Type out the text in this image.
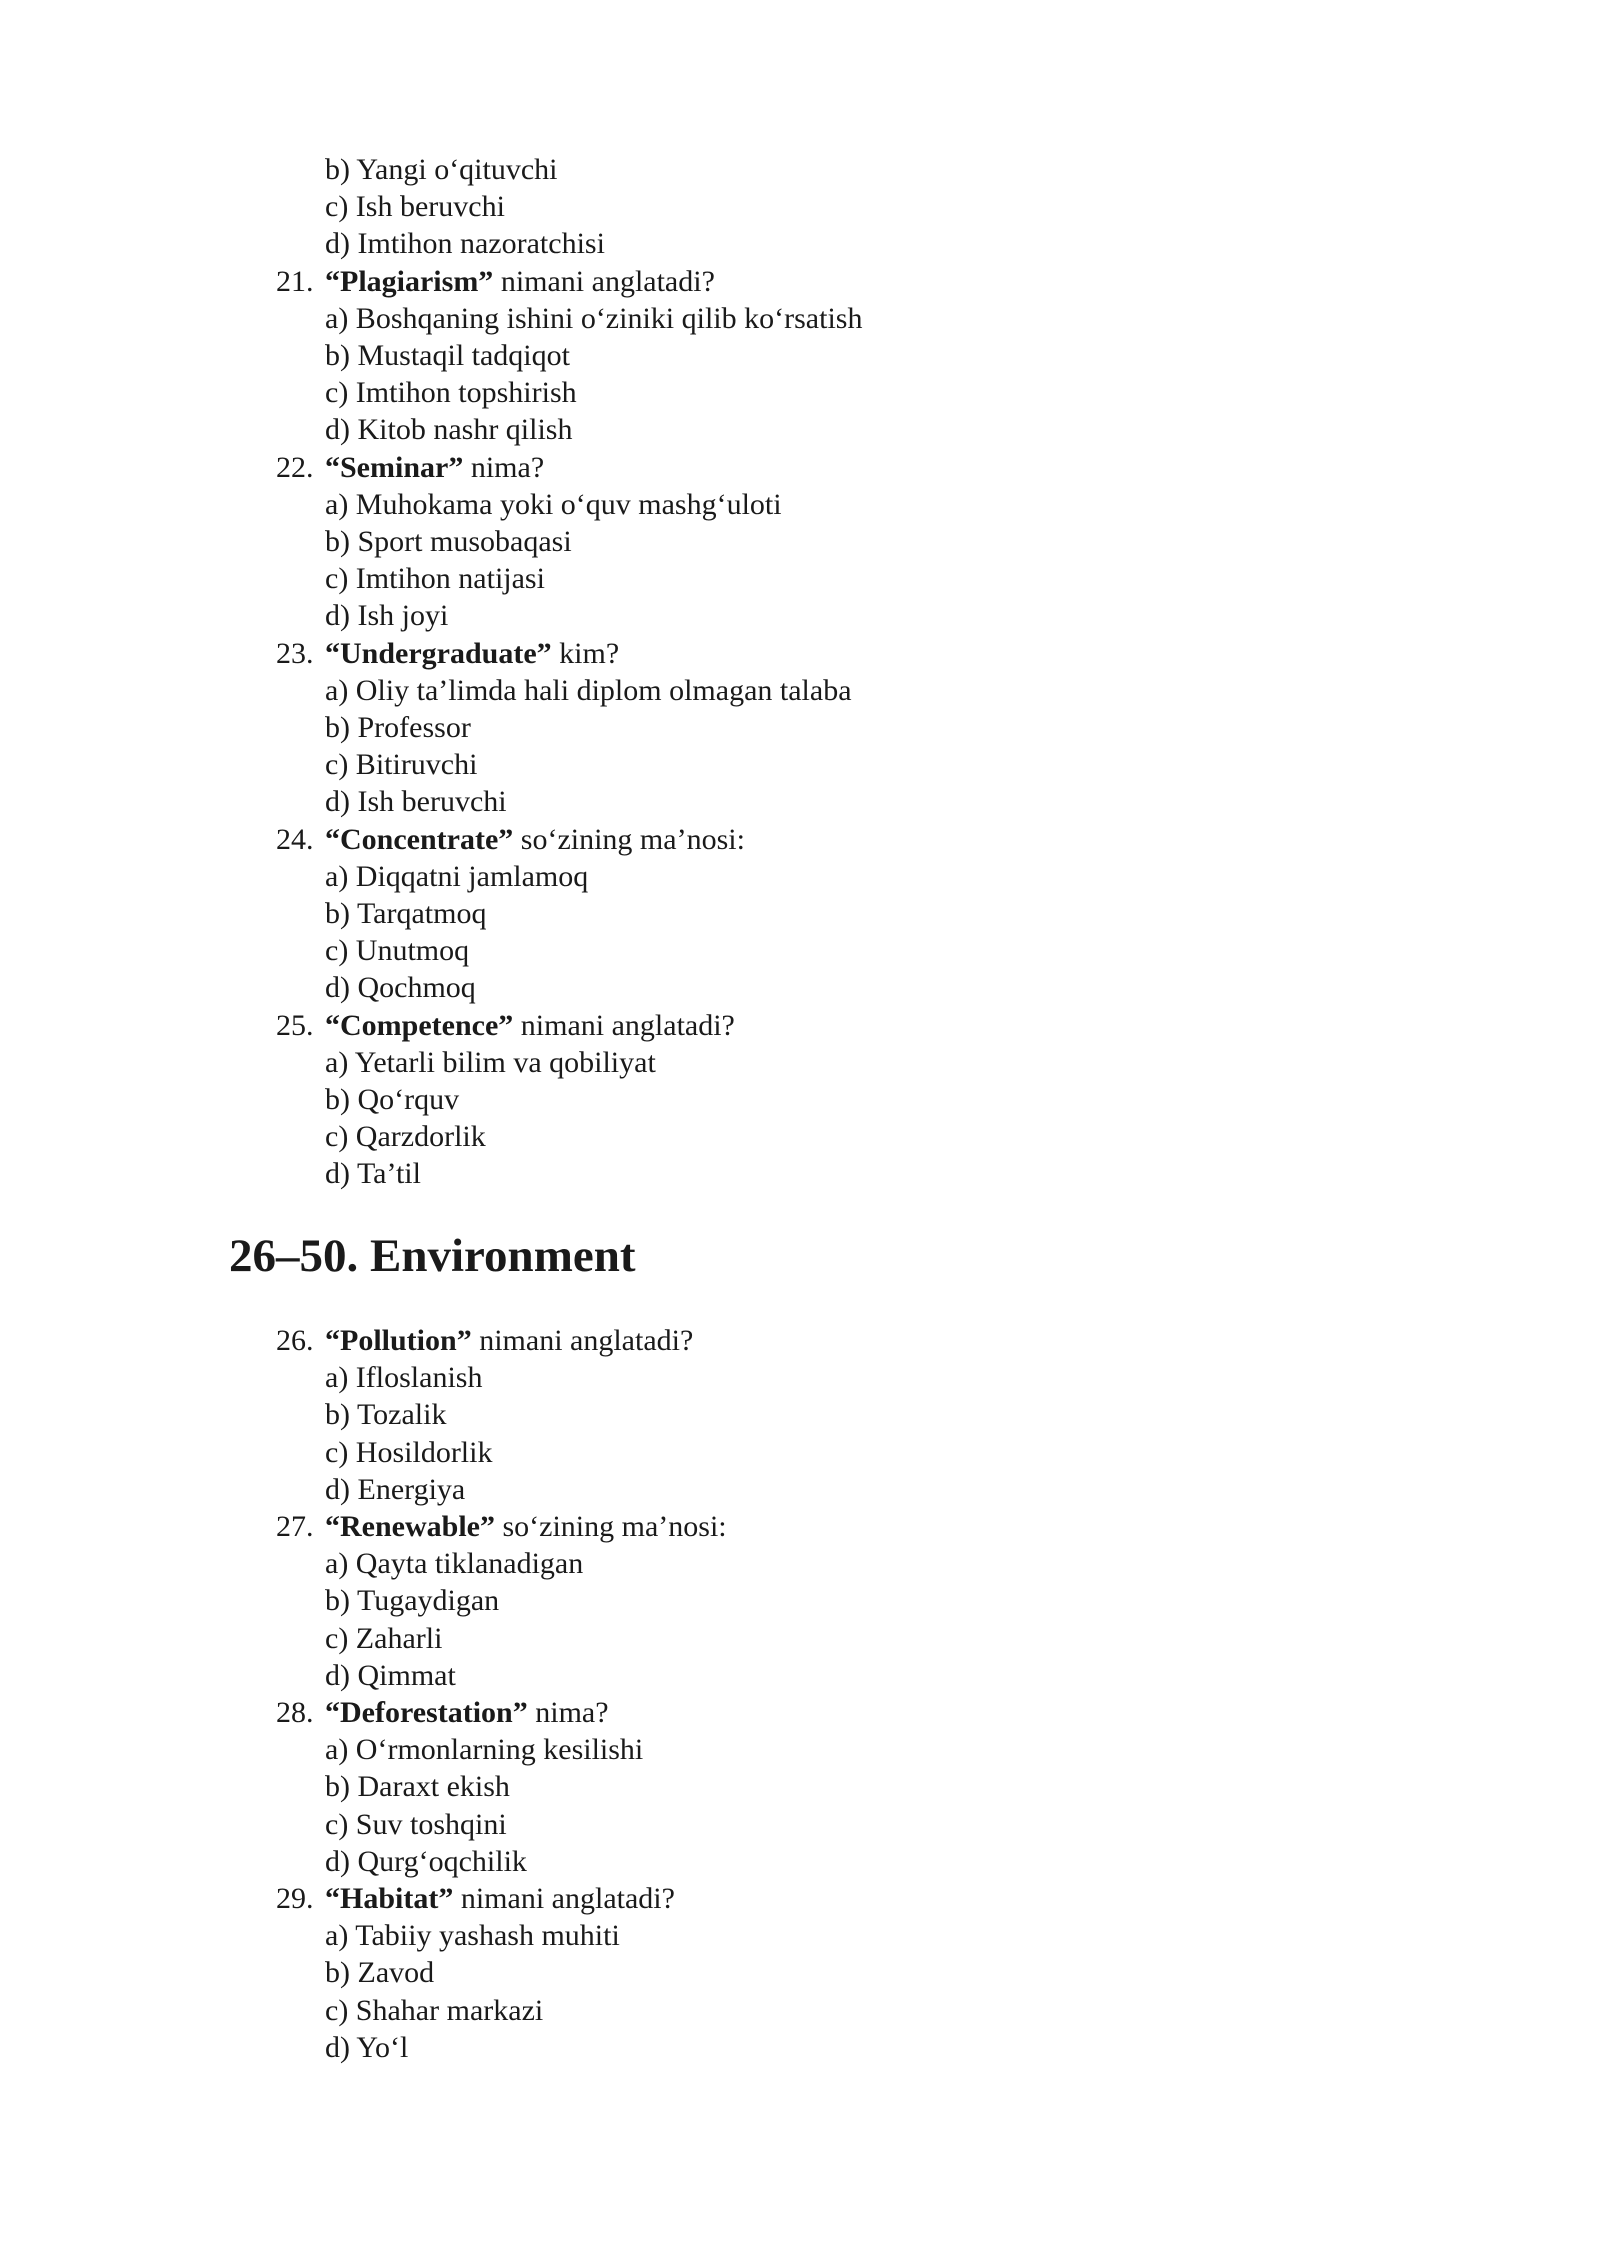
b) Yangi o‘qituvchi
c) Ish beruvchi
d) Imtihon nazoratchisi
21. “Plagiarism” nimani anglatadi?
a) Boshqaning ishini o‘ziniki qilib ko‘rsatish
b) Mustaqil tadqiqot
c) Imtihon topshirish
d) Kitob nashr qilish
22. “Seminar” nima?
a) Muhokama yoki o‘quv mashg‘uloti
b) Sport musobaqasi
c) Imtihon natijasi
d) Ish joyi
23. “Undergraduate” kim?
a) Oliy ta’limda hali diplom olmagan talaba
b) Professor
c) Bitiruvchi
d) Ish beruvchi
24. “Concentrate” so‘zining ma’nosi:
a) Diqqatni jamlamoq
b) Tarqatmoq
c) Unutmoq
d) Qochmoq
25. “Competence” nimani anglatadi?
a) Yetarli bilim va qobiliyat
b) Qo‘rquv
c) Qarzdorlik
d) Ta’til
26–50. Environment
26. “Pollution” nimani anglatadi?
a) Ifloslanish
b) Tozalik
c) Hosildorlik
d) Energiya
27. “Renewable” so‘zining ma’nosi:
a) Qayta tiklanadigan
b) Tugaydigan
c) Zaharli
d) Qimmat
28. “Deforestation” nima?
a) O‘rmonlarning kesilishi
b) Daraxt ekish
c) Suv toshqini
d) Qurg‘oqchilik
29. “Habitat” nimani anglatadi?
a) Tabiiy yashash muhiti
b) Zavod
c) Shahar markazi
d) Yo‘l
